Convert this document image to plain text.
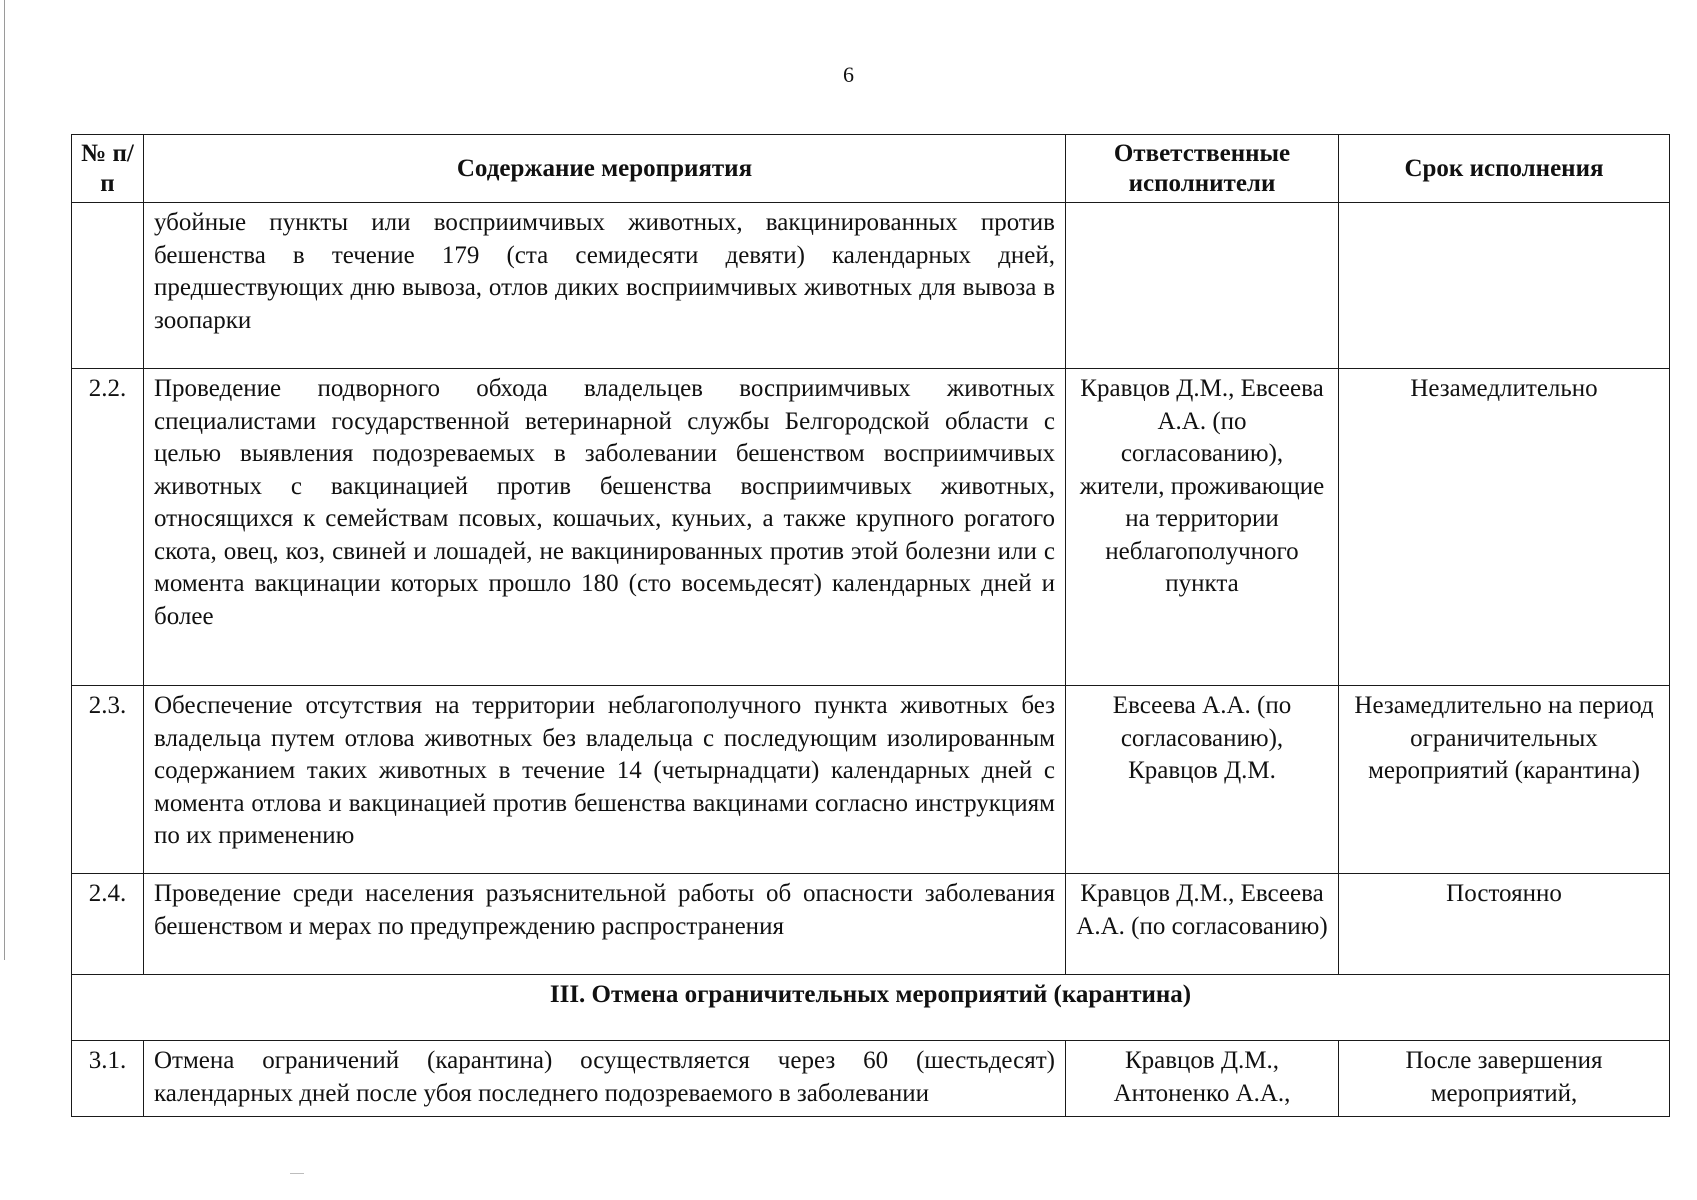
6
№ п/п	Содержание мероприятия	Ответственные исполнители	Срок исполнения
	убойные пункты или восприимчивых животных, вакцинированных против бешенства в течение 179 (ста семидесяти девяти) календарных дней, предшествующих дню вывоза, отлов диких восприимчивых животных для вывоза в зоопарки		
2.2.	Проведение подворного обхода владельцев восприимчивых животных специалистами государственной ветеринарной службы Белгородской области с целью выявления подозреваемых в заболевании бешенством восприимчивых животных с вакцинацией против бешенства восприимчивых животных, относящихся к семействам псовых, кошачьих, куньих, а также крупного рогатого скота, овец, коз, свиней и лошадей, не вакцинированных против этой болезни или с момента вакцинации которых прошло 180 (сто восемьдесят) календарных дней и более	Кравцов Д.М., Евсеева А.А. (по согласованию), жители, проживающие на территории неблагополучного пункта	Незамедлительно
2.3.	Обеспечение отсутствия на территории неблагополучного пункта животных без владельца путем отлова животных без владельца с последующим изолированным содержанием таких животных в течение 14 (четырнадцати) календарных дней с момента отлова и вакцинацией против бешенства вакцинами согласно инструкциям по их применению	Евсеева А.А. (по согласованию), Кравцов Д.М.	Незамедлительно на период ограничительных мероприятий (карантина)
2.4.	Проведение среди населения разъяснительной работы об опасности заболевания бешенством и мерах по предупреждению распространения	Кравцов Д.М., Евсеева А.А. (по согласованию)	Постоянно
III. Отмена ограничительных мероприятий (карантина)			
3.1.	Отмена ограничений (карантина) осуществляется через 60 (шестьдесят) календарных дней после убоя последнего подозреваемого в заболевании	Кравцов Д.М., Антоненко А.А.,	После завершения мероприятий,
